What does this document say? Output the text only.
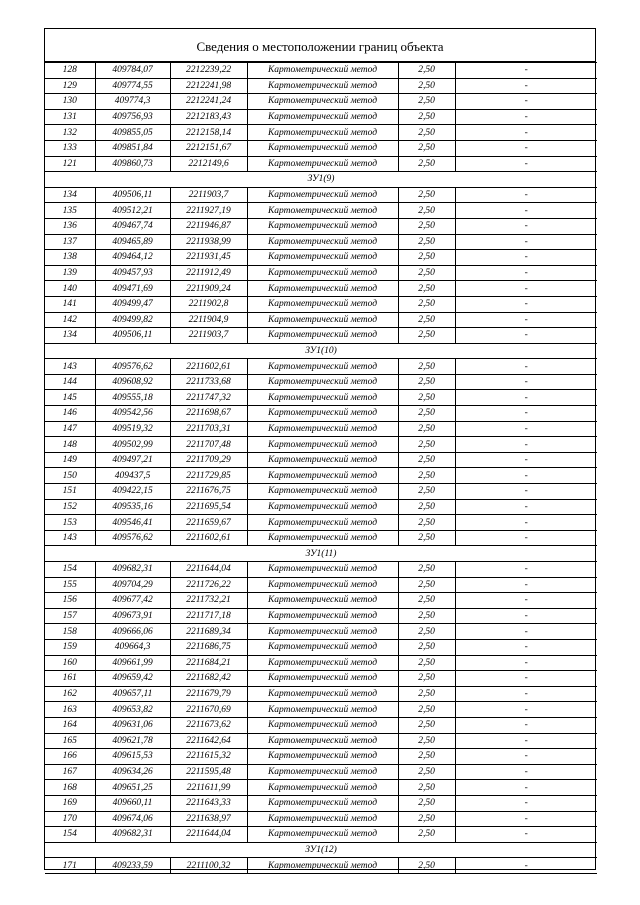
Сведения о местоположении границ объекта
128	409784,07	2212239,22	Картометрический метод	2,50	-
129	409774,55	2212241,98	Картометрический метод	2,50	-
130	409774,3	2212241,24	Картометрический метод	2,50	-
131	409756,93	2212183,43	Картометрический метод	2,50	-
132	409855,05	2212158,14	Картометрический метод	2,50	-
133	409851,84	2212151,67	Картометрический метод	2,50	-
121	409860,73	2212149,6	Картометрический метод	2,50	-
ЗУ1(9)					
134	409506,11	2211903,7	Картометрический метод	2,50	-
135	409512,21	2211927,19	Картометрический метод	2,50	-
136	409467,74	2211946,87	Картометрический метод	2,50	-
137	409465,89	2211938,99	Картометрический метод	2,50	-
138	409464,12	2211931,45	Картометрический метод	2,50	-
139	409457,93	2211912,49	Картометрический метод	2,50	-
140	409471,69	2211909,24	Картометрический метод	2,50	-
141	409499,47	2211902,8	Картометрический метод	2,50	-
142	409499,82	2211904,9	Картометрический метод	2,50	-
134	409506,11	2211903,7	Картометрический метод	2,50	-
ЗУ1(10)					
143	409576,62	2211602,61	Картометрический метод	2,50	-
144	409608,92	2211733,68	Картометрический метод	2,50	-
145	409555,18	2211747,32	Картометрический метод	2,50	-
146	409542,56	2211698,67	Картометрический метод	2,50	-
147	409519,32	2211703,31	Картометрический метод	2,50	-
148	409502,99	2211707,48	Картометрический метод	2,50	-
149	409497,21	2211709,29	Картометрический метод	2,50	-
150	409437,5	2211729,85	Картометрический метод	2,50	-
151	409422,15	2211676,75	Картометрический метод	2,50	-
152	409535,16	2211695,54	Картометрический метод	2,50	-
153	409546,41	2211659,67	Картометрический метод	2,50	-
143	409576,62	2211602,61	Картометрический метод	2,50	-
ЗУ1(11)					
154	409682,31	2211644,04	Картометрический метод	2,50	-
155	409704,29	2211726,22	Картометрический метод	2,50	-
156	409677,42	2211732,21	Картометрический метод	2,50	-
157	409673,91	2211717,18	Картометрический метод	2,50	-
158	409666,06	2211689,34	Картометрический метод	2,50	-
159	409664,3	2211686,75	Картометрический метод	2,50	-
160	409661,99	2211684,21	Картометрический метод	2,50	-
161	409659,42	2211682,42	Картометрический метод	2,50	-
162	409657,11	2211679,79	Картометрический метод	2,50	-
163	409653,82	2211670,69	Картометрический метод	2,50	-
164	409631,06	2211673,62	Картометрический метод	2,50	-
165	409621,78	2211642,64	Картометрический метод	2,50	-
166	409615,53	2211615,32	Картометрический метод	2,50	-
167	409634,26	2211595,48	Картометрический метод	2,50	-
168	409651,25	2211611,99	Картометрический метод	2,50	-
169	409660,11	2211643,33	Картометрический метод	2,50	-
170	409674,06	2211638,97	Картометрический метод	2,50	-
154	409682,31	2211644,04	Картометрический метод	2,50	-
ЗУ1(12)					
171	409233,59	2211100,32	Картометрический метод	2,50	-
